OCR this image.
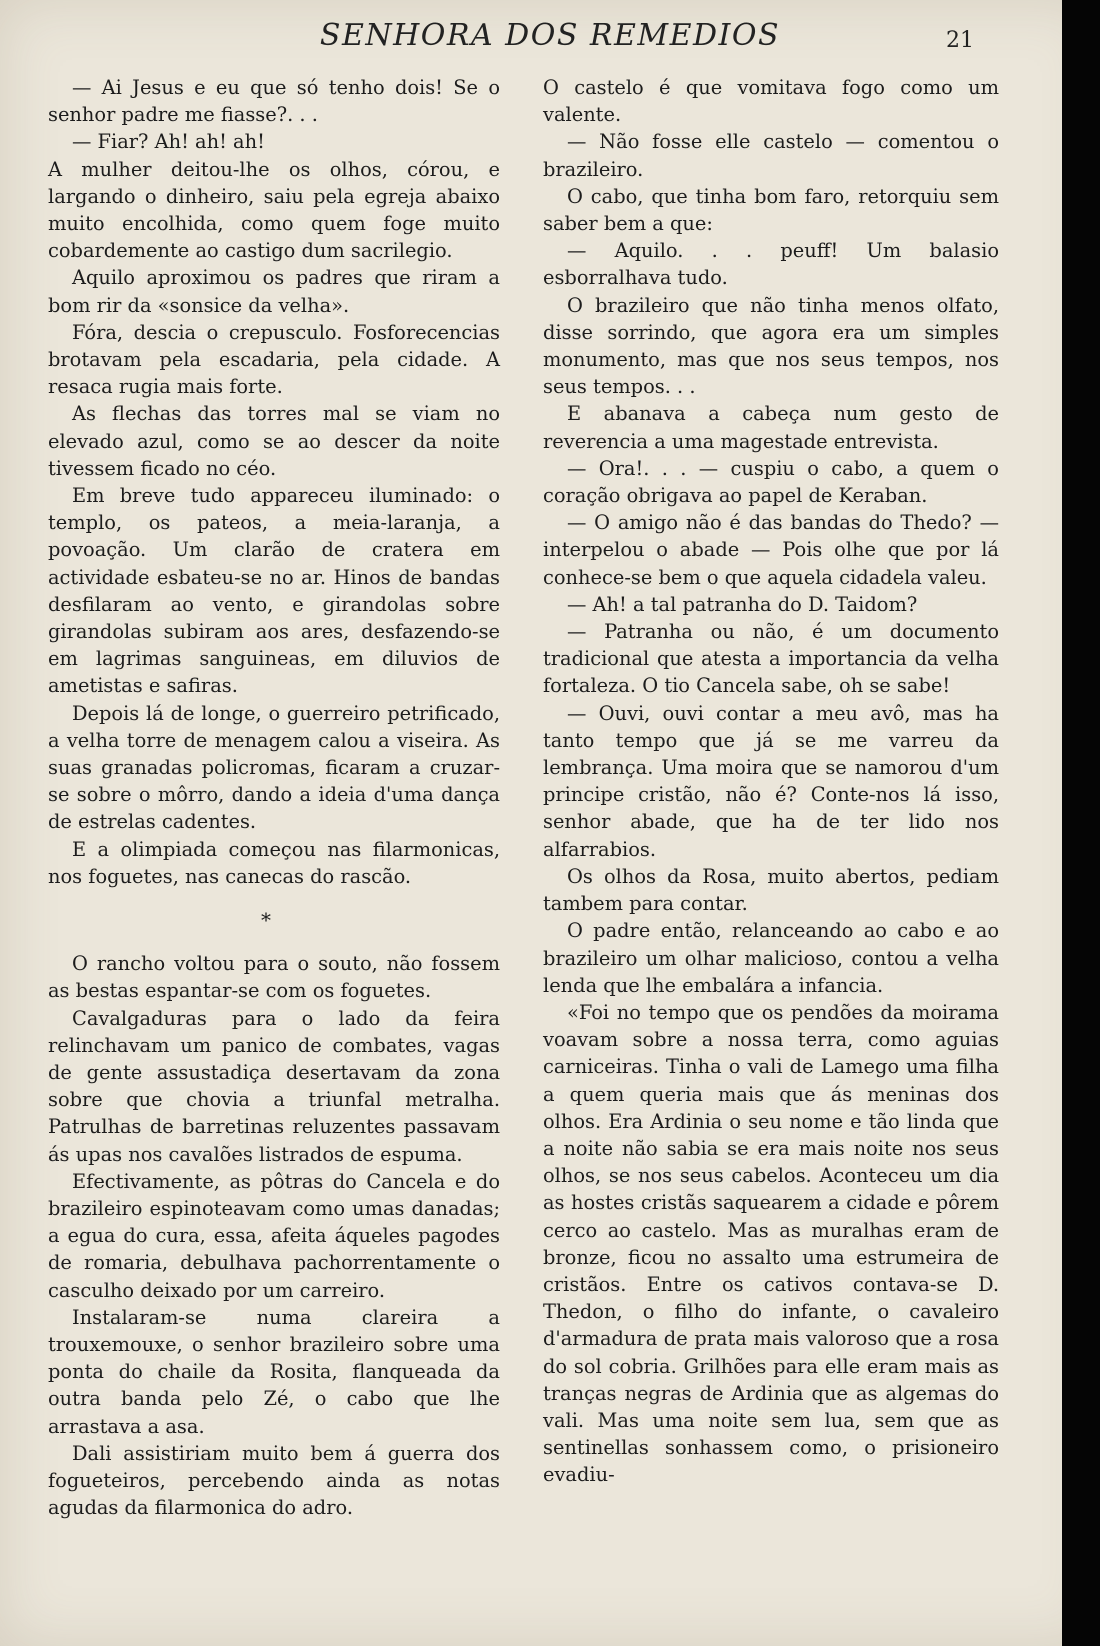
SENHORA DOS REMEDIOS	21

— Ai Jesus e eu que só tenho dois! Se o senhor padre me fiasse?. . .

— Fiar? Ah! ah! ah!

A mulher deitou-lhe os olhos, córou, e largando o dinheiro, saiu pela egreja abaixo muito encolhida, como quem foge muito cobardemente ao castigo dum sacrilegio.

Aquilo aproximou os padres que riram a bom rir da «sonsice da velha».

Fóra, descia o crepusculo. Fosforecencias brotavam pela escadaria, pela cidade. A resaca rugia mais forte.

As flechas das torres mal se viam no elevado azul, como se ao descer da noite tivessem ficado no céo.

Em breve tudo appareceu iluminado: o templo, os pateos, a meia-laranja, a povoação. Um clarão de cratera em actividade esbateu-se no ar. Hinos de bandas desfilaram ao vento, e girandolas sobre girandolas subiram aos ares, desfazendo-se em lagrimas sanguineas, em diluvios de ametistas e safiras.

Depois lá de longe, o guerreiro petrificado, a velha torre de menagem calou a viseira. As suas granadas policromas, ficaram a cruzar-se sobre o môrro, dando a ideia d'uma dança de estrelas cadentes.

E a olimpiada começou nas filarmonicas, nos foguetes, nas canecas do rascão.

*

O rancho voltou para o souto, não fossem as bestas espantar-se com os foguetes.

Cavalgaduras para o lado da feira relinchavam um panico de combates, vagas de gente assustadiça desertavam da zona sobre que chovia a triunfal metralha. Patrulhas de barretinas reluzentes passavam ás upas nos cavalões listrados de espuma.

Efectivamente, as pôtras do Cancela e do brazileiro espinoteavam como umas danadas; a egua do cura, essa, afeita áqueles pagodes de romaria, debulhava pachorrentamente o casculho deixado por um carreiro.

Instalaram-se numa clareira a trouxemouxe, o senhor brazileiro sobre uma ponta do chaile da Rosita, flanqueada da outra banda pelo Zé, o cabo que lhe arrastava a asa.

Dali assistiriam muito bem á guerra dos fogueteiros, percebendo ainda as notas agudas da filarmonica do adro.

O castelo é que vomitava fogo como um valente.

— Não fosse elle castelo — comentou o brazileiro.

O cabo, que tinha bom faro, retorquiu sem saber bem a que:

— Aquilo. . . peuff! Um balasio esborralhava tudo.

O brazileiro que não tinha menos olfato, disse sorrindo, que agora era um simples monumento, mas que nos seus tempos, nos seus tempos. . .

E abanava a cabeça num gesto de reverencia a uma magestade entrevista.

— Ora!. . . — cuspiu o cabo, a quem o coração obrigava ao papel de Keraban.

— O amigo não é das bandas do Thedo? — interpelou o abade — Pois olhe que por lá conhece-se bem o que aquela cidadela valeu.

— Ah! a tal patranha do D. Taidom?

— Patranha ou não, é um documento tradicional que atesta a importancia da velha fortaleza. O tio Cancela sabe, oh se sabe!

— Ouvi, ouvi contar a meu avô, mas ha tanto tempo que já se me varreu da lembrança. Uma moira que se namorou d'um principe cristão, não é? Conte-nos lá isso, senhor abade, que ha de ter lido nos alfarrabios.

Os olhos da Rosa, muito abertos, pediam tambem para contar.

O padre então, relanceando ao cabo e ao brazileiro um olhar malicioso, contou a velha lenda que lhe embalára a infancia.

«Foi no tempo que os pendões da moirama voavam sobre a nossa terra, como aguias carniceiras. Tinha o vali de Lamego uma filha a quem queria mais que ás meninas dos olhos. Era Ardinia o seu nome e tão linda que a noite não sabia se era mais noite nos seus olhos, se nos seus cabelos. Aconteceu um dia as hostes cristãs saquearem a cidade e pôrem cerco ao castelo. Mas as muralhas eram de bronze, ficou no assalto uma estrumeira de cristãos. Entre os cativos contava-se D. Thedon, o filho do infante, o cavaleiro d'armadura de prata mais valoroso que a rosa do sol cobria. Grilhões para elle eram mais as tranças negras de Ardinia que as algemas do vali. Mas uma noite sem lua, sem que as sentinellas sonhassem como, o prisioneiro evadiu-
